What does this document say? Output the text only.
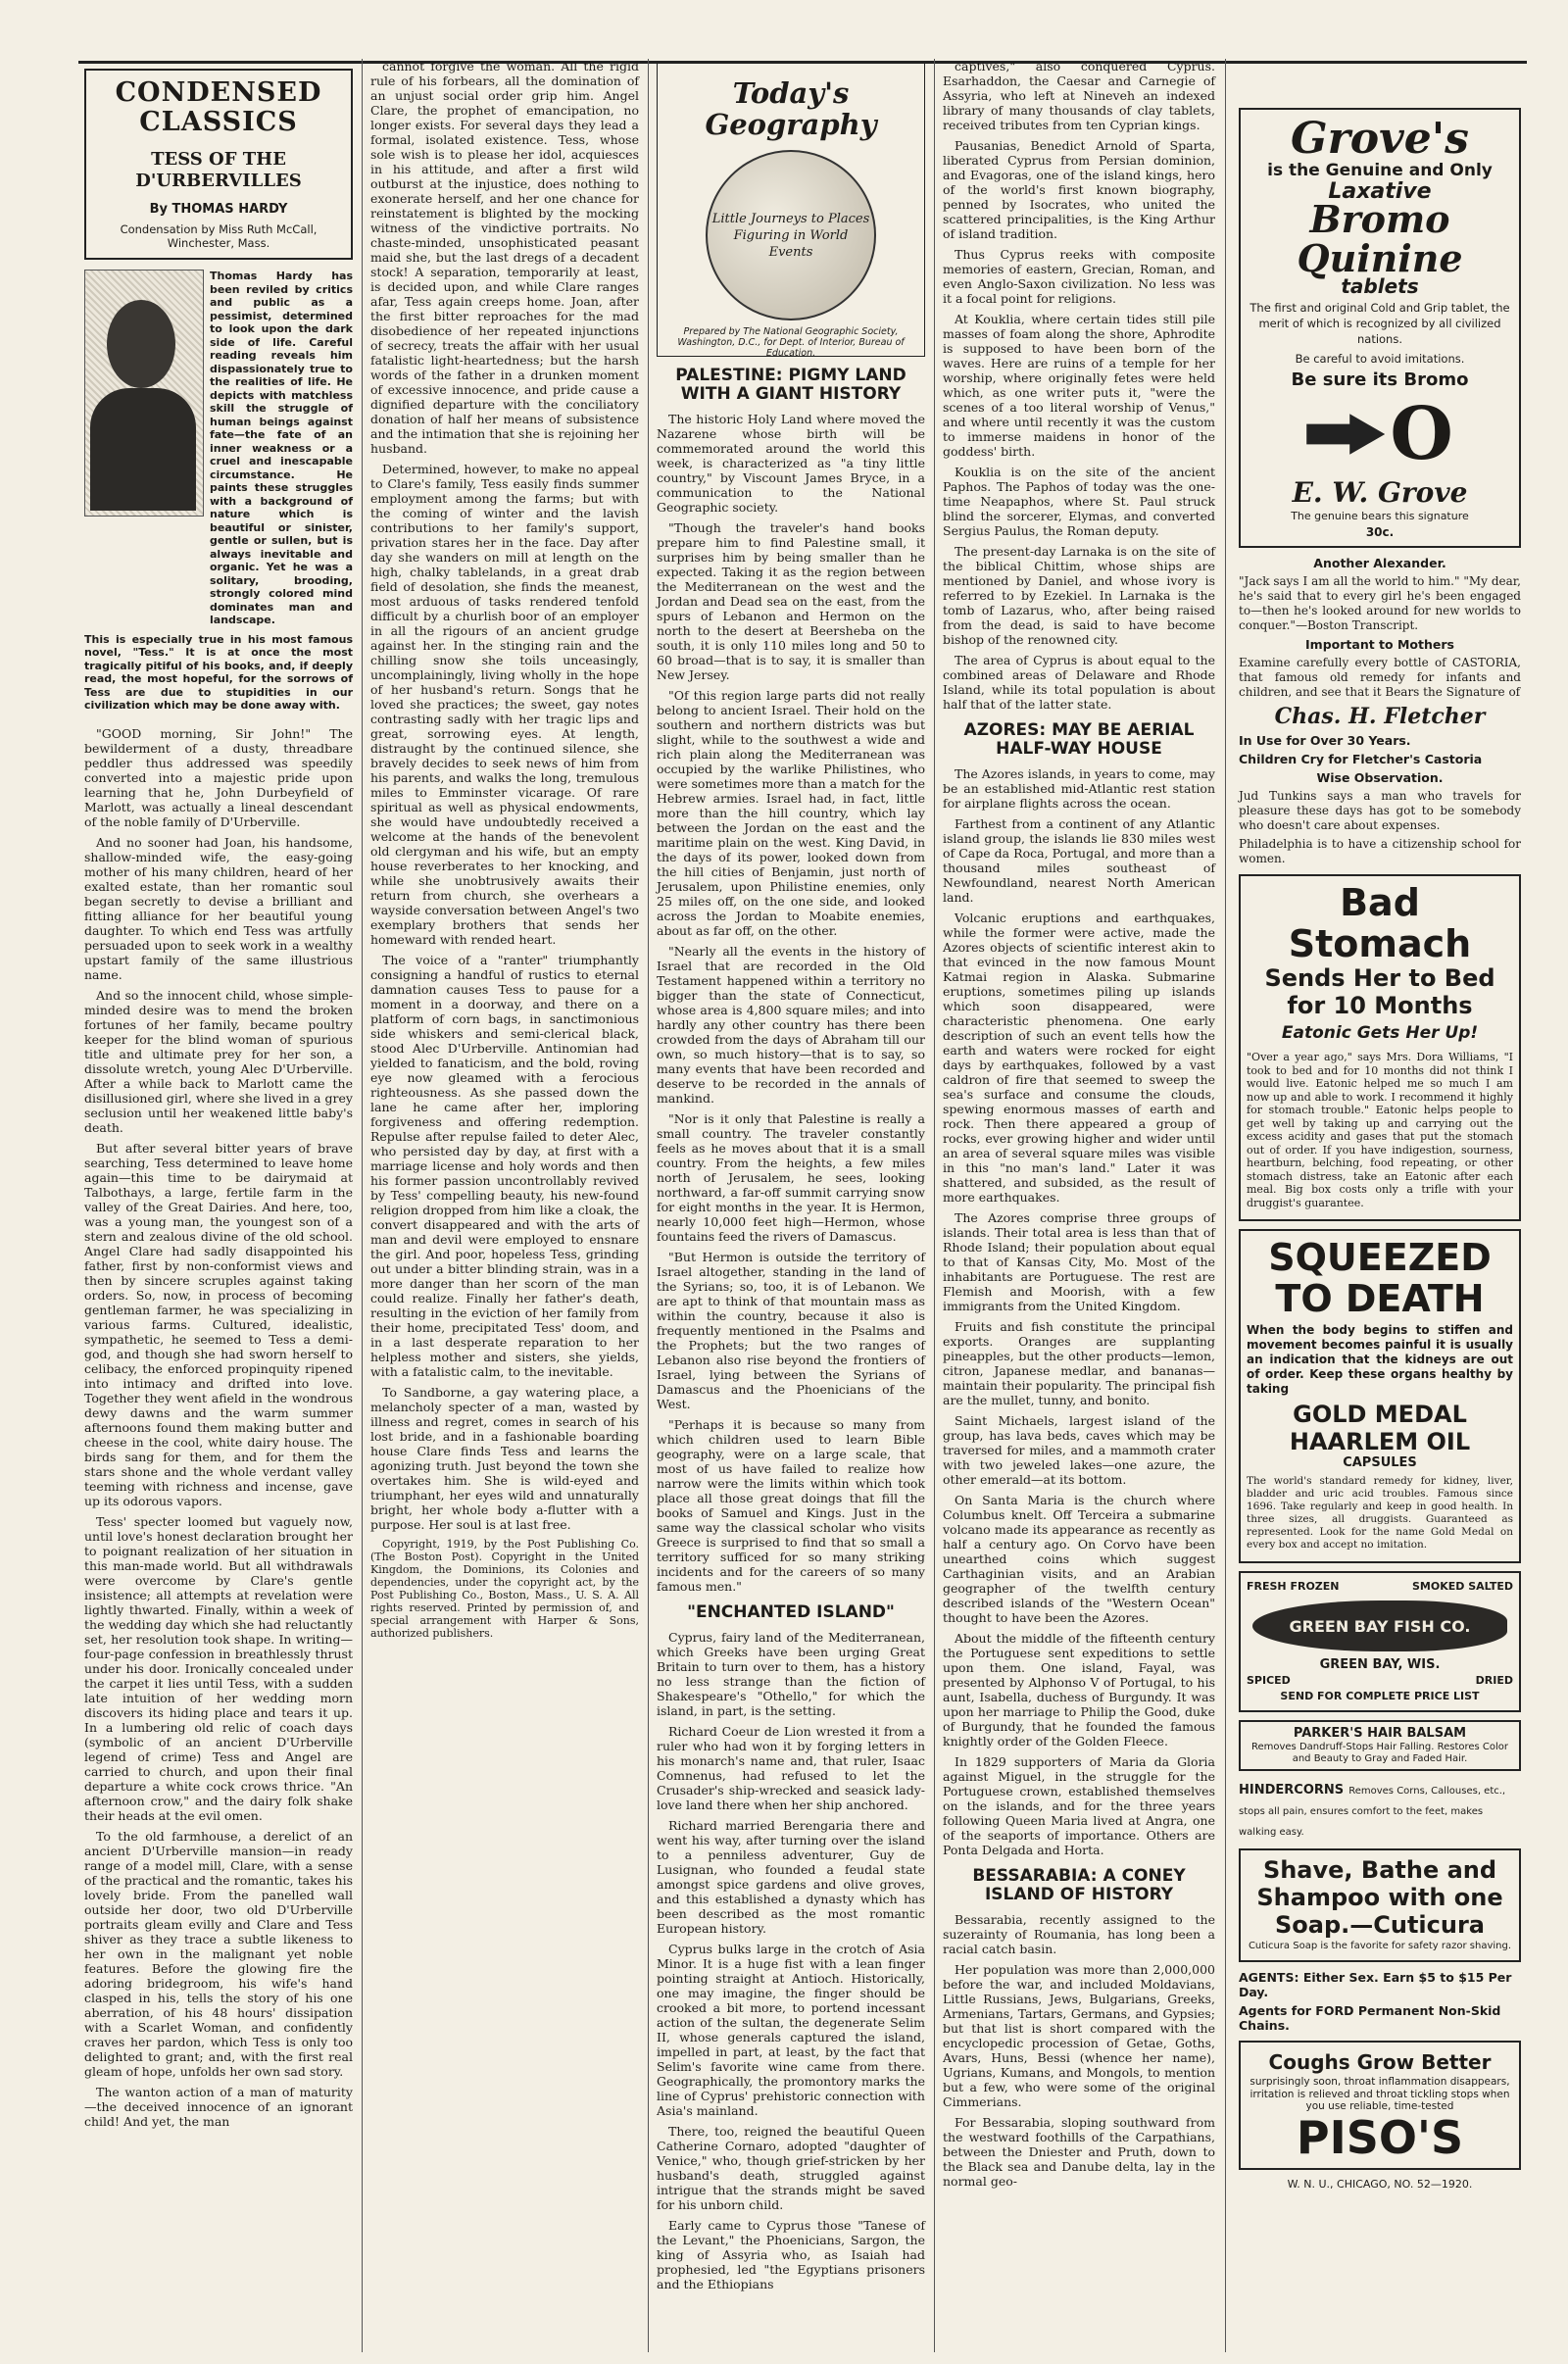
CONDENSED CLASSICS
TESS OF THE D'URBERVILLES
By THOMAS HARDY
Condensation by Miss Ruth McCall, Winchester, Mass.

Thomas Hardy has been reviled by critics and public as a pessimist, determined to look upon the dark side of life. Careful reading reveals him dispassionately true to the realities of life. He depicts with matchless skill the struggle of human beings against fate—the fate of an inner weakness or a cruel and inescapable circumstance. He paints these struggles with a background of nature which is beautiful or sinister, gentle or sullen, but is always inevitable and organic. Yet he was a solitary, brooding, strongly colored mind dominates man and landscape.

This is especially true in his most famous novel, "Tess." It is at once the most tragically pitiful of his books, and, if deeply read, the most hopeful, for the sorrows of Tess are due to stupidities in our civilization which may be done away with.

"GOOD morning, Sir John!" The bewilderment of a dusty, threadbare peddler thus addressed was speedily converted into a majestic pride upon learning that he, John Durbeyfield of Marlott, was actually a lineal descendant of the noble family of D'Urberville.

And no sooner had Joan, his handsome, shallow-minded wife, the easy-going mother of his many children, heard of her exalted estate, than her romantic soul began secretly to devise a brilliant and fitting alliance for her beautiful young daughter. To which end Tess was artfully persuaded upon to seek work in a wealthy upstart family of the same illustrious name.

And so the innocent child, whose simple-minded desire was to mend the broken fortunes of her family, became poultry keeper for the blind woman of spurious title and ultimate prey for her son, a dissolute wretch, young Alec D'Urberville. After a while back to Marlott came the disillusioned girl, where she lived in a grey seclusion until her weakened little baby's death.

But after several bitter years of brave searching, Tess determined to leave home again—this time to be dairymaid at Talbothays, a large, fertile farm in the valley of the Great Dairies. And here, too, was a young man, the youngest son of a stern and zealous divine of the old school. Angel Clare had sadly disappointed his father, first by non-conformist views and then by sincere scruples against taking orders. So, now, in process of becoming gentleman farmer, he was specializing in various farms. Cultured, idealistic, sympathetic, he seemed to Tess a demi-god, and though she had sworn herself to celibacy, the enforced propinquity ripened into intimacy and drifted into love. Together they went afield in the wondrous dewy dawns and the warm summer afternoons found them making butter and cheese in the cool, white dairy house. The birds sang for them, and for them the stars shone and the whole verdant valley teeming with richness and incense, gave up its odorous vapors.

Tess' specter loomed but vaguely now, until love's honest declaration brought her to poignant realization of her situation in this man-made world. But all withdrawals were overcome by Clare's gentle insistence; all attempts at revelation were lightly thwarted. Finally, within a week of the wedding day which she had reluctantly set, her resolution took shape. In writing—four-page confession in breathlessly thrust under his door. Ironically concealed under the carpet it lies until Tess, with a sudden late intuition of her wedding morn discovers its hiding place and tears it up. In a lumbering old relic of coach days (symbolic of an ancient D'Urberville legend of crime) Tess and Angel are carried to church, and upon their final departure a white cock crows thrice. "An afternoon crow," and the dairy folk shake their heads at the evil omen.

To the old farmhouse, a derelict of an ancient D'Urberville mansion—in ready range of a model mill, Clare, with a sense of the practical and the romantic, takes his lovely bride. From the panelled wall outside her door, two old D'Urberville portraits gleam evilly and Clare and Tess shiver as they trace a subtle likeness to her own in the malignant yet noble features. Before the glowing fire the adoring bridegroom, his wife's hand clasped in his, tells the story of his one aberration, of his 48 hours' dissipation with a Scarlet Woman, and confidently craves her pardon, which Tess is only too delighted to grant; and, with the first real gleam of hope, unfolds her own sad story.

The wanton action of a man of maturity—the deceived innocence of an ignorant child! And yet, the man

cannot forgive the woman. All the rigid rule of his forbears, all the domination of an unjust social order grip him. Angel Clare, the prophet of emancipation, no longer exists. For several days they lead a formal, isolated existence. Tess, whose sole wish is to please her idol, acquiesces in his attitude, and after a first wild outburst at the injustice, does nothing to exonerate herself, and her one chance for reinstatement is blighted by the mocking witness of the vindictive portraits. No chaste-minded, unsophisticated peasant maid she, but the last dregs of a decadent stock! A separation, temporarily at least, is decided upon, and while Clare ranges afar, Tess again creeps home. Joan, after the first bitter reproaches for the mad disobedience of her repeated injunctions of secrecy, treats the affair with her usual fatalistic light-heartedness; but the harsh words of the father in a drunken moment of excessive innocence, and pride cause a dignified departure with the conciliatory donation of half her means of subsistence and the intimation that she is rejoining her husband.

Determined, however, to make no appeal to Clare's family, Tess easily finds summer employment among the farms; but with the coming of winter and the lavish contributions to her family's support, privation stares her in the face. Day after day she wanders on mill at length on the high, chalky tablelands, in a great drab field of desolation, she finds the meanest, most arduous of tasks rendered tenfold difficult by a churlish boor of an employer in all the rigours of an ancient grudge against her. In the stinging rain and the chilling snow she toils unceasingly, uncomplainingly, living wholly in the hope of her husband's return. Songs that he loved she practices; the sweet, gay notes contrasting sadly with her tragic lips and great, sorrowing eyes. At length, distraught by the continued silence, she bravely decides to seek news of him from his parents, and walks the long, tremulous miles to Emminster vicarage. Of rare spiritual as well as physical endowments, she would have undoubtedly received a welcome at the hands of the benevolent old clergyman and his wife, but an empty house reverberates to her knocking, and while she unobtrusively awaits their return from church, she overhears a wayside conversation between Angel's two exemplary brothers that sends her homeward with rended heart.

The voice of a "ranter" triumphantly consigning a handful of rustics to eternal damnation causes Tess to pause for a moment in a doorway, and there on a platform of corn bags, in sanctimonious side whiskers and semi-clerical black, stood Alec D'Urberville. Antinomian had yielded to fanaticism, and the bold, roving eye now gleamed with a ferocious righteousness. As she passed down the lane he came after her, imploring forgiveness and offering redemption. Repulse after repulse failed to deter Alec, who persisted day by day, at first with a marriage license and holy words and then his former passion uncontrollably revived by Tess' compelling beauty, his new-found religion dropped from him like a cloak, the convert disappeared and with the arts of man and devil were employed to ensnare the girl. And poor, hopeless Tess, grinding out under a bitter blinding strain, was in a more danger than her scorn of the man could realize. Finally her father's death, resulting in the eviction of her family from their home, precipitated Tess' doom, and in a last desperate reparation to her helpless mother and sisters, she yields, with a fatalistic calm, to the inevitable.

To Sandborne, a gay watering place, a melancholy specter of a man, wasted by illness and regret, comes in search of his lost bride, and in a fashionable boarding house Clare finds Tess and learns the agonizing truth. Just beyond the town she overtakes him. She is wild-eyed and triumphant, her eyes wild and unnaturally bright, her whole body a-flutter with a purpose. Her soul is at last free.

Copyright, 1919, by the Post Publishing Co. (The Boston Post). Copyright in the United Kingdom, the Dominions, its Colonies and dependencies, under the copyright act, by the Post Publishing Co., Boston, Mass., U. S. A. All rights reserved. Printed by permission of, and special arrangement with Harper & Sons, authorized publishers.

Today's Geography
Little Journeys to Places
Figuring in World
Events
Prepared by The National Geographic Society, Washington, D.C., for Dept. of Interior, Bureau of Education.
PALESTINE: PIGMY LAND WITH A GIANT HISTORY

The historic Holy Land where moved the Nazarene whose birth will be commemorated around the world this week, is characterized as "a tiny little country," by Viscount James Bryce, in a communication to the National Geographic society.

"Though the traveler's hand books prepare him to find Palestine small, it surprises him by being smaller than he expected. Taking it as the region between the Mediterranean on the west and the Jordan and Dead sea on the east, from the spurs of Lebanon and Hermon on the north to the desert at Beersheba on the south, it is only 110 miles long and 50 to 60 broad—that is to say, it is smaller than New Jersey.

"Of this region large parts did not really belong to ancient Israel. Their hold on the southern and northern districts was but slight, while to the southwest a wide and rich plain along the Mediterranean was occupied by the warlike Philistines, who were sometimes more than a match for the Hebrew armies. Israel had, in fact, little more than the hill country, which lay between the Jordan on the east and the maritime plain on the west. King David, in the days of its power, looked down from the hill cities of Benjamin, just north of Jerusalem, upon Philistine enemies, only 25 miles off, on the one side, and looked across the Jordan to Moabite enemies, about as far off, on the other.

"Nearly all the events in the history of Israel that are recorded in the Old Testament happened within a territory no bigger than the state of Connecticut, whose area is 4,800 square miles; and into hardly any other country has there been crowded from the days of Abraham till our own, so much history—that is to say, so many events that have been recorded and deserve to be recorded in the annals of mankind.

"Nor is it only that Palestine is really a small country. The traveler constantly feels as he moves about that it is a small country. From the heights, a few miles north of Jerusalem, he sees, looking northward, a far-off summit carrying snow for eight months in the year. It is Hermon, nearly 10,000 feet high—Hermon, whose fountains feed the rivers of Damascus.

"But Hermon is outside the territory of Israel altogether, standing in the land of the Syrians; so, too, it is of Lebanon. We are apt to think of that mountain mass as within the country, because it also is frequently mentioned in the Psalms and the Prophets; but the two ranges of Lebanon also rise beyond the frontiers of Israel, lying between the Syrians of Damascus and the Phoenicians of the West.

"Perhaps it is because so many from which children used to learn Bible geography, were on a large scale, that most of us have failed to realize how narrow were the limits within which took place all those great doings that fill the books of Samuel and Kings. Just in the same way the classical scholar who visits Greece is surprised to find that so small a territory sufficed for so many striking incidents and for the careers of so many famous men."

"ENCHANTED ISLAND"

Cyprus, fairy land of the Mediterranean, which Greeks have been urging Great Britain to turn over to them, has a history no less strange than the fiction of Shakespeare's "Othello," for which the island, in part, is the setting.

Richard Coeur de Lion wrested it from a ruler who had won it by forging letters in his monarch's name and, that ruler, Isaac Comnenus, had refused to let the Crusader's ship-wrecked and seasick lady-love land there when her ship anchored.

Richard married Berengaria there and went his way, after turning over the island to a penniless adventurer, Guy de Lusignan, who founded a feudal state amongst spice gardens and olive groves, and this established a dynasty which has been described as the most romantic European history.

Cyprus bulks large in the crotch of Asia Minor. It is a huge fist with a lean finger pointing straight at Antioch. Historically, one may imagine, the finger should be crooked a bit more, to portend incessant action of the sultan, the degenerate Selim II, whose generals captured the island, impelled in part, at least, by the fact that Selim's favorite wine came from there. Geographically, the promontory marks the line of Cyprus' prehistoric connection with Asia's mainland.

There, too, reigned the beautiful Queen Catherine Cornaro, adopted "daughter of Venice," who, though grief-stricken by her husband's death, struggled against intrigue that the strands might be saved for his unborn child.

Early came to Cyprus those "Tanese of the Levant," the Phoenicians, Sargon, the king of Assyria who, as Isaiah had prophesied, led "the Egyptians prisoners and the Ethiopians

captives," also conquered Cyprus. Esarhaddon, the Caesar and Carnegie of Assyria, who left at Nineveh an indexed library of many thousands of clay tablets, received tributes from ten Cyprian kings.

Pausanias, Benedict Arnold of Sparta, liberated Cyprus from Persian dominion, and Evagoras, one of the island kings, hero of the world's first known biography, penned by Isocrates, who united the scattered principalities, is the King Arthur of island tradition.

Thus Cyprus reeks with composite memories of eastern, Grecian, Roman, and even Anglo-Saxon civilization. No less was it a focal point for religions.

At Kouklia, where certain tides still pile masses of foam along the shore, Aphrodite is supposed to have been born of the waves. Here are ruins of a temple for her worship, where originally fetes were held which, as one writer puts it, "were the scenes of a too literal worship of Venus," and where until recently it was the custom to immerse maidens in honor of the goddess' birth.

Kouklia is on the site of the ancient Paphos. The Paphos of today was the one-time Neapaphos, where St. Paul struck blind the sorcerer, Elymas, and converted Sergius Paulus, the Roman deputy.

The present-day Larnaka is on the site of the biblical Chittim, whose ships are mentioned by Daniel, and whose ivory is referred to by Ezekiel. In Larnaka is the tomb of Lazarus, who, after being raised from the dead, is said to have become bishop of the renowned city.

The area of Cyprus is about equal to the combined areas of Delaware and Rhode Island, while its total population is about half that of the latter state.

AZORES: MAY BE AERIAL HALF-WAY HOUSE

The Azores islands, in years to come, may be an established mid-Atlantic rest station for airplane flights across the ocean.

Farthest from a continent of any Atlantic island group, the islands lie 830 miles west of Cape da Roca, Portugal, and more than a thousand miles southeast of Newfoundland, nearest North American land.

Volcanic eruptions and earthquakes, while the former were active, made the Azores objects of scientific interest akin to that evinced in the now famous Mount Katmai region in Alaska. Submarine eruptions, sometimes piling up islands which soon disappeared, were characteristic phenomena. One early description of such an event tells how the earth and waters were rocked for eight days by earthquakes, followed by a vast caldron of fire that seemed to sweep the sea's surface and consume the clouds, spewing enormous masses of earth and rock. Then there appeared a group of rocks, ever growing higher and wider until an area of several square miles was visible in this "no man's land." Later it was shattered, and subsided, as the result of more earthquakes.

The Azores comprise three groups of islands. Their total area is less than that of Rhode Island; their population about equal to that of Kansas City, Mo. Most of the inhabitants are Portuguese. The rest are Flemish and Moorish, with a few immigrants from the United Kingdom.

Fruits and fish constitute the principal exports. Oranges are supplanting pineapples, but the other products—lemon, citron, Japanese medlar, and bananas—maintain their popularity. The principal fish are the mullet, tunny, and bonito.

Saint Michaels, largest island of the group, has lava beds, caves which may be traversed for miles, and a mammoth crater with two jeweled lakes—one azure, the other emerald—at its bottom.

On Santa Maria is the church where Columbus knelt. Off Terceira a submarine volcano made its appearance as recently as half a century ago. On Corvo have been unearthed coins which suggest Carthaginian visits, and an Arabian geographer of the twelfth century described islands of the "Western Ocean" thought to have been the Azores.

About the middle of the fifteenth century the Portuguese sent expeditions to settle upon them. One island, Fayal, was presented by Alphonso V of Portugal, to his aunt, Isabella, duchess of Burgundy. It was upon her marriage to Philip the Good, duke of Burgundy, that he founded the famous knightly order of the Golden Fleece.

In 1829 supporters of Maria da Gloria against Miguel, in the struggle for the Portuguese crown, established themselves on the islands, and for the three years following Queen Maria lived at Angra, one of the seaports of importance. Others are Ponta Delgada and Horta.

BESSARABIA: A CONEY ISLAND OF HISTORY

Bessarabia, recently assigned to the suzerainty of Roumania, has long been a racial catch basin.

Her population was more than 2,000,000 before the war, and included Moldavians, Little Russians, Jews, Bulgarians, Greeks, Armenians, Tartars, Germans, and Gypsies; but that list is short compared with the encyclopedic procession of Getae, Goths, Avars, Huns, Bessi (whence her name), Ugrians, Kumans, and Mongols, to mention but a few, who were some of the original Cimmerians.

For Bessarabia, sloping southward from the westward foothills of the Carpathians, between the Dniester and Pruth, down to the Black sea and Danube delta, lay in the normal geo-

Grove's
is the Genuine and Only
Laxative
Bromo
Quinine
tablets
The first and original Cold and Grip tablet, the merit of which is recognized by all civilized nations.
Be careful to avoid imitations.
Be sure its Bromo
O
E. W. Grove
The genuine bears this signature
30c.
Another Alexander.

"Jack says I am all the world to him." "My dear, he's said that to every girl he's been engaged to—then he's looked around for new worlds to conquer."—Boston Transcript.

Important to Mothers

Examine carefully every bottle of CASTORIA, that famous old remedy for infants and children, and see that it Bears the Signature of

Chas. H. Fletcher
In Use for Over 30 Years.
Children Cry for Fletcher's Castoria
Wise Observation.

Jud Tunkins says a man who travels for pleasure these days has got to be somebody who doesn't care about expenses.

Philadelphia is to have a citizenship school for women.

Bad Stomach
Sends Her to Bed
for 10 Months
Eatonic Gets Her Up!

"Over a year ago," says Mrs. Dora Williams, "I took to bed and for 10 months did not think I would live. Eatonic helped me so much I am now up and able to work. I recommend it highly for stomach trouble." Eatonic helps people to get well by taking up and carrying out the excess acidity and gases that put the stomach out of order. If you have indigestion, sourness, heartburn, belching, food repeating, or other stomach distress, take an Eatonic after each meal. Big box costs only a trifle with your druggist's guarantee.

SQUEEZED
TO DEATH

When the body begins to stiffen and movement becomes painful it is usually an indication that the kidneys are out of order. Keep these organs healthy by taking

GOLD MEDAL
HAARLEM OIL
CAPSULES

The world's standard remedy for kidney, liver, bladder and uric acid troubles. Famous since 1696. Take regularly and keep in good health. In three sizes, all druggists. Guaranteed as represented. Look for the name Gold Medal on every box and accept no imitation.

FRESH FROZEN	SMOKED SALTED
GREEN BAY FISH CO.
GREEN BAY, WIS.
SPICED	DRIED
SEND FOR COMPLETE PRICE LIST
PARKER'S HAIR BALSAM
Removes Dandruff-Stops Hair Falling. Restores Color and Beauty to Gray and Faded Hair.
HINDERCORNS Removes Corns, Callouses, etc., stops all pain, ensures comfort to the feet, makes walking easy.
Shave, Bathe and
Shampoo with one
Soap.—Cuticura
Cuticura Soap is the favorite for safety razor shaving.
AGENTS: Either Sex. Earn $5 to $15 Per Day.
Agents for FORD Permanent Non-Skid Chains.
Coughs Grow Better
surprisingly soon, throat inflammation disappears, irritation is relieved and throat tickling stops when you use reliable, time-tested
PISO'S
W. N. U., CHICAGO, NO. 52—1920.
